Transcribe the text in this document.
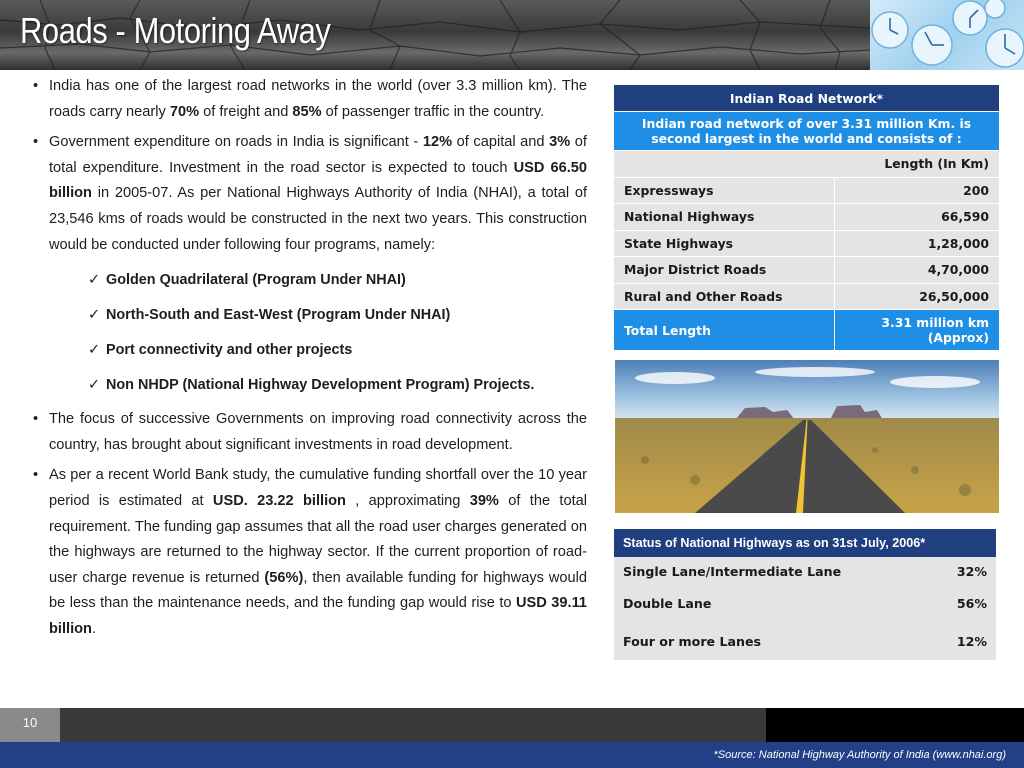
Roads - Motoring Away
• India has one of the largest road networks in the world (over 3.3 million km). The roads carry nearly 70% of freight and 85% of passenger traffic in the country.
• Government expenditure on roads in India is significant - 12% of capital and 3% of total expenditure. Investment in the road sector is expected to touch USD 66.50 billion in 2005-07. As per National Highways Authority of India (NHAI), a total of 23,546 kms of roads would be constructed in the next two years. This construction would be conducted under following four programs, namely:
✓ Golden Quadrilateral (Program Under NHAI)
✓ North-South and East-West (Program Under NHAI)
✓ Port connectivity and other projects
✓ Non NHDP (National Highway Development Program) Projects.
• The focus of successive Governments on improving road connectivity across the country, has brought about significant investments in road development.
• As per a recent World Bank study, the cumulative funding shortfall over the 10 year period is estimated at USD. 23.22 billion , approximating 39% of the total requirement. The funding gap assumes that all the road user charges generated on the highways are returned to the highway sector. If the current proportion of road-user charge revenue is returned (56%), then available funding for highways would be less than the maintenance needs, and the funding gap would rise to USD 39.11 billion.
Indian Road Network*	
Indian road network of over 3.31 million Km. is second largest in the world and consists of :	
	Length (In Km)
Expressways	200
National Highways	66,590
State Highways	1,28,000
Major District Roads	4,70,000
Rural and Other Roads	26,50,000
Total Length	3.31 million km
(Approx)
Status of National Highways as on 31st July, 2006*	
Single Lane/Intermediate Lane	32%
Double Lane	56%
Four or more Lanes	12%
10
*Source: National Highway Authority of India (www.nhai.org)
